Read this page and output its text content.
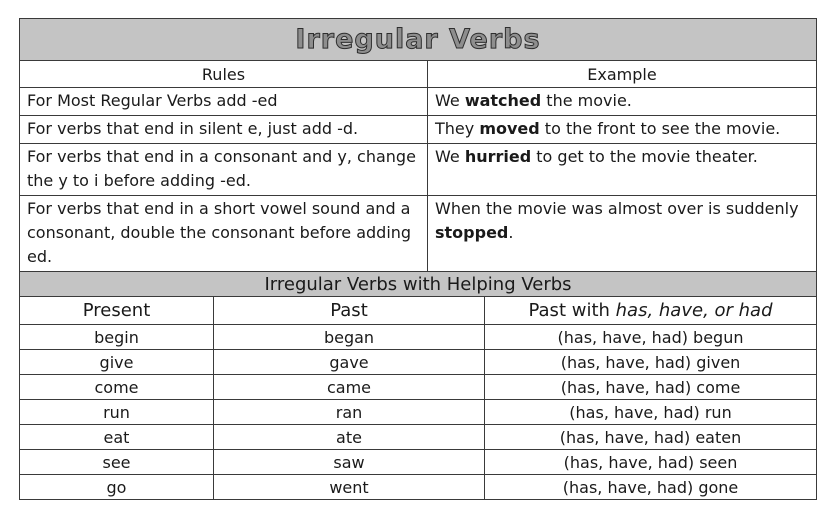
Irregular Verbs	
Rules	Example
For Most Regular Verbs add -ed	We watched the movie.
For verbs that end in silent e, just add -d.	They moved to the front to see the movie.
For verbs that end in a consonant and y, change the y to i before adding -ed.	We hurried to get to the movie theater.
For verbs that end in a short vowel sound and a consonant, double the consonant before adding ed.	When the movie was almost over is suddenly stopped.
Irregular Verbs with Helping Verbs		
Present	Past	Past with has, have, or had
begin	began	(has, have, had) begun
give	gave	(has, have, had) given
come	came	(has, have, had) come
run	ran	(has, have, had) run
eat	ate	(has, have, had) eaten
see	saw	(has, have, had) seen
go	went	(has, have, had) gone
